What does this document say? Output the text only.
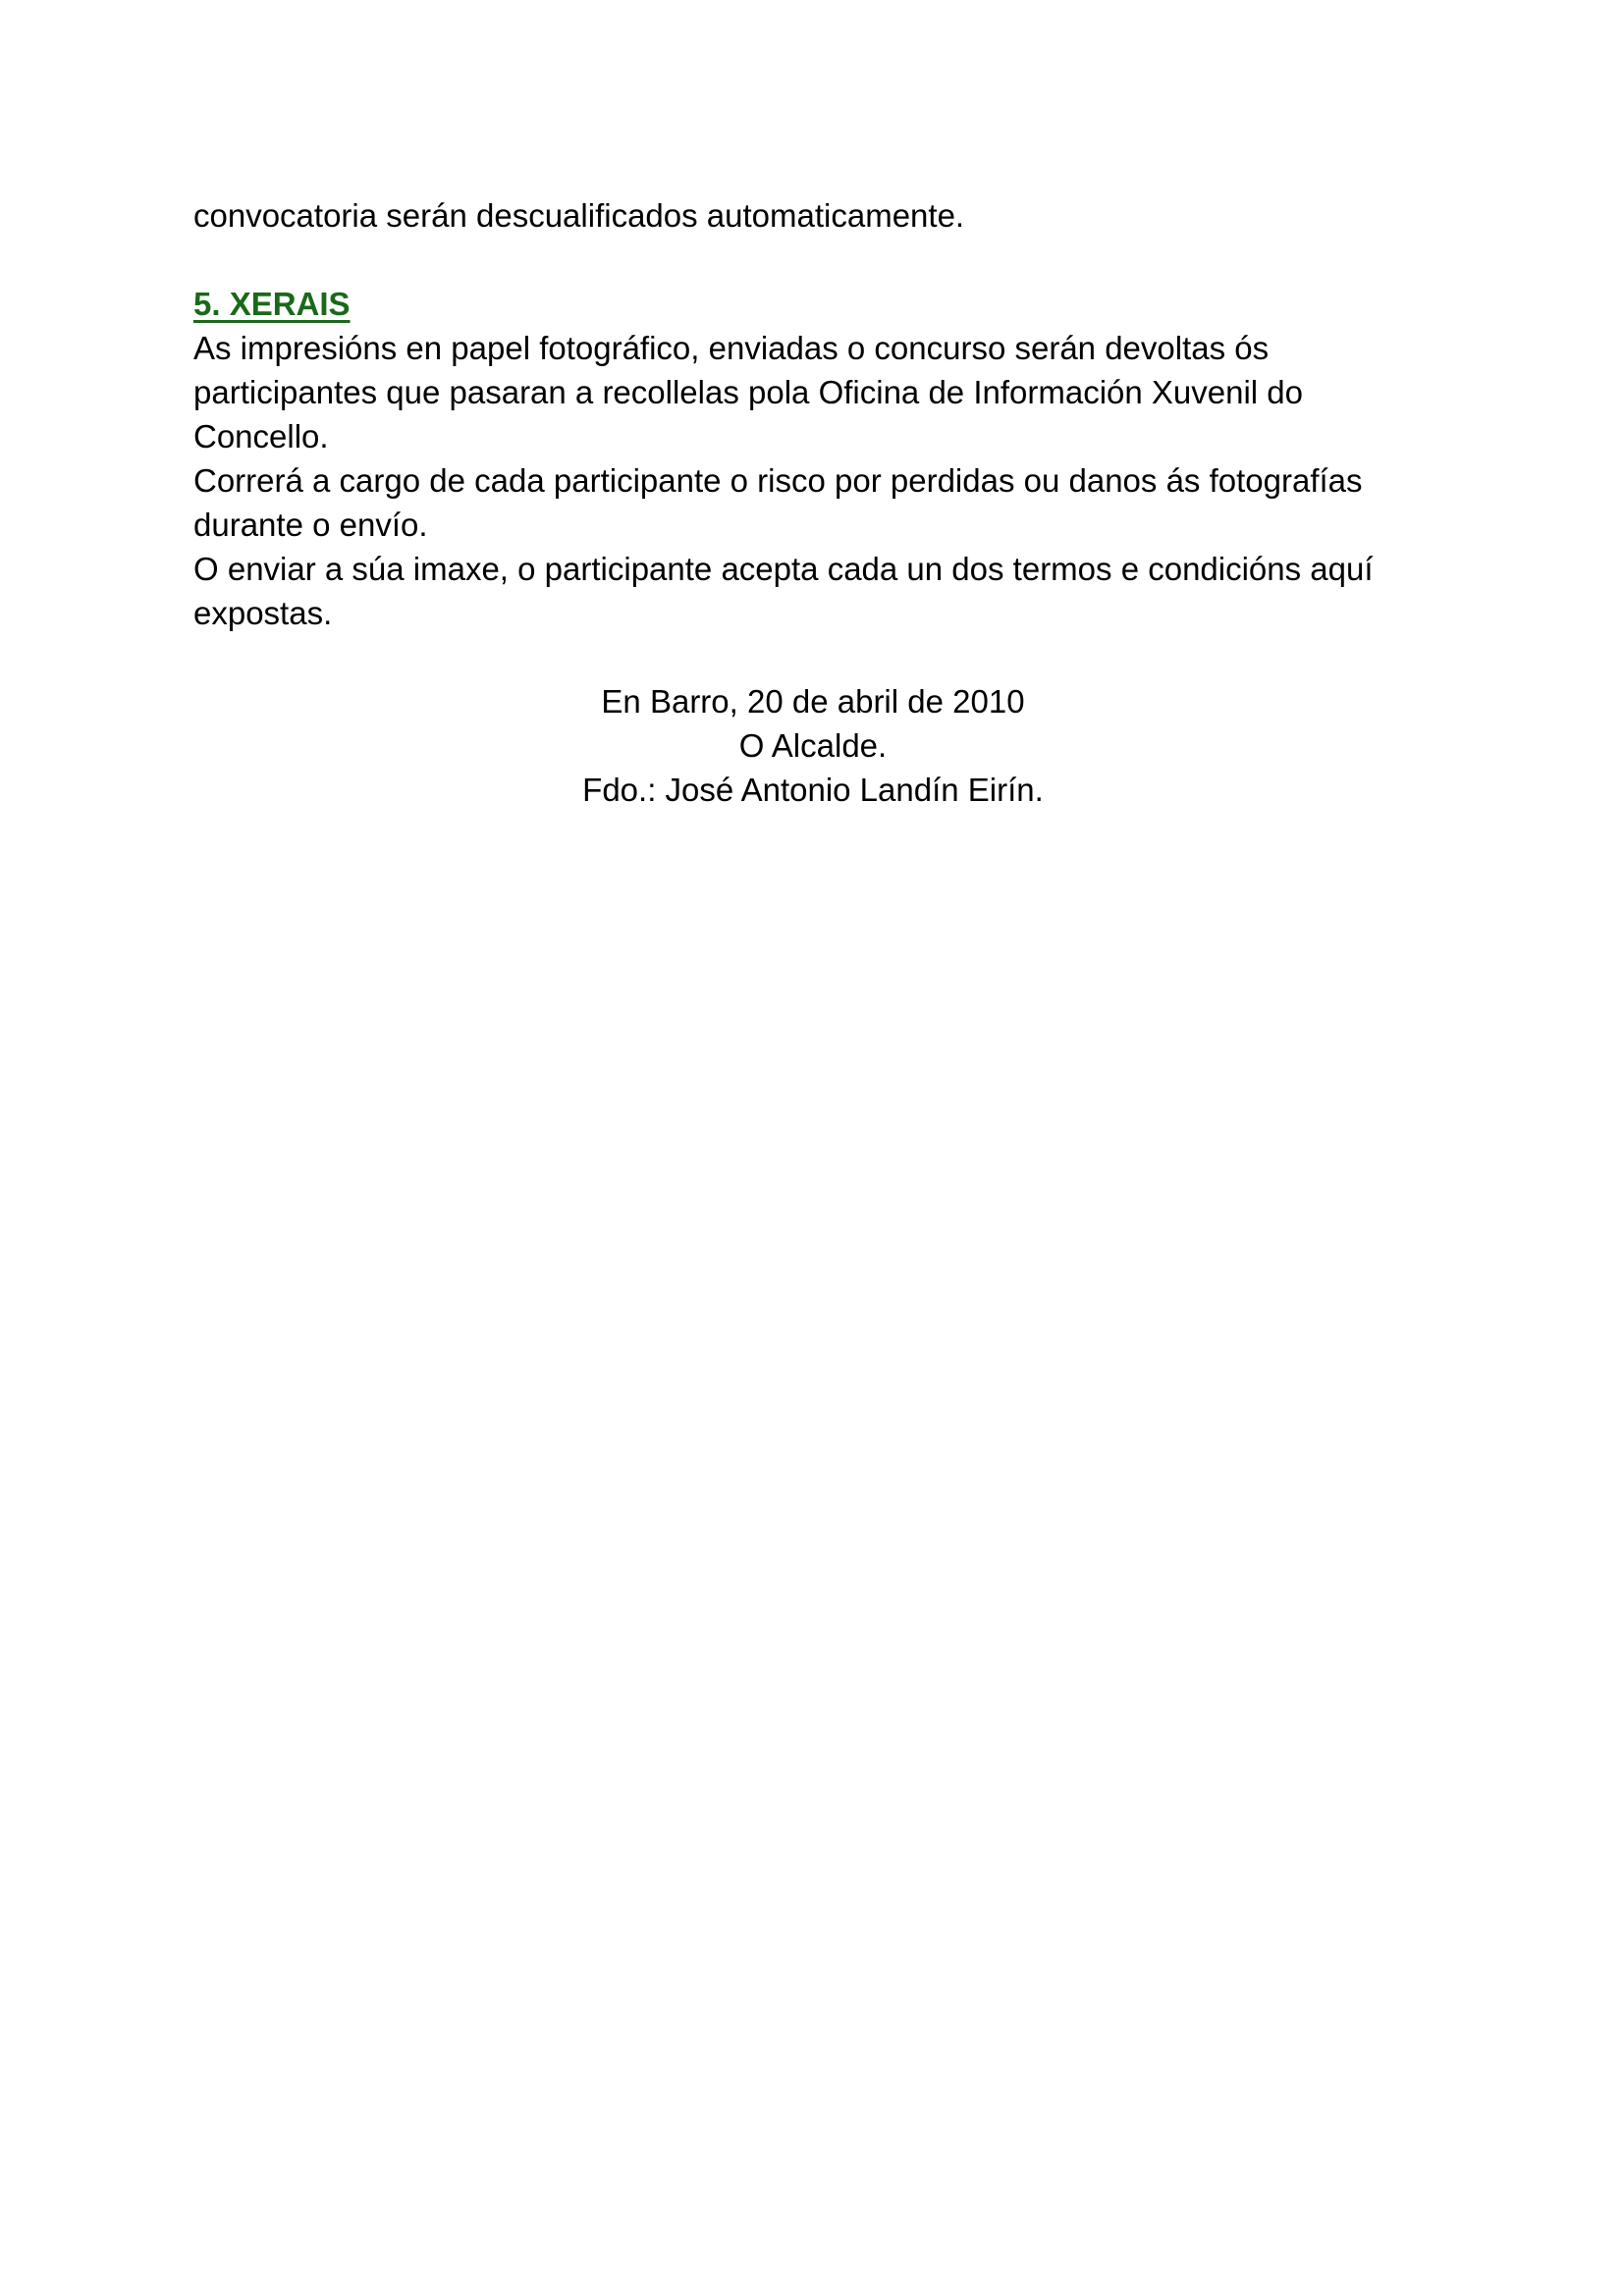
convocatoria serán descualificados automaticamente.
5. XERAIS
As impresións en papel fotográfico, enviadas o concurso serán devoltas ós
participantes que pasaran a recollelas pola Oficina de Información Xuvenil do
Concello.
Correrá a cargo de cada participante o risco por perdidas ou danos ás fotografías
durante o envío.
O enviar a súa imaxe, o participante acepta cada un dos termos e condicións aquí
expostas.
En Barro, 20 de abril de 2010
O Alcalde.
Fdo.: José Antonio Landín Eirín.
